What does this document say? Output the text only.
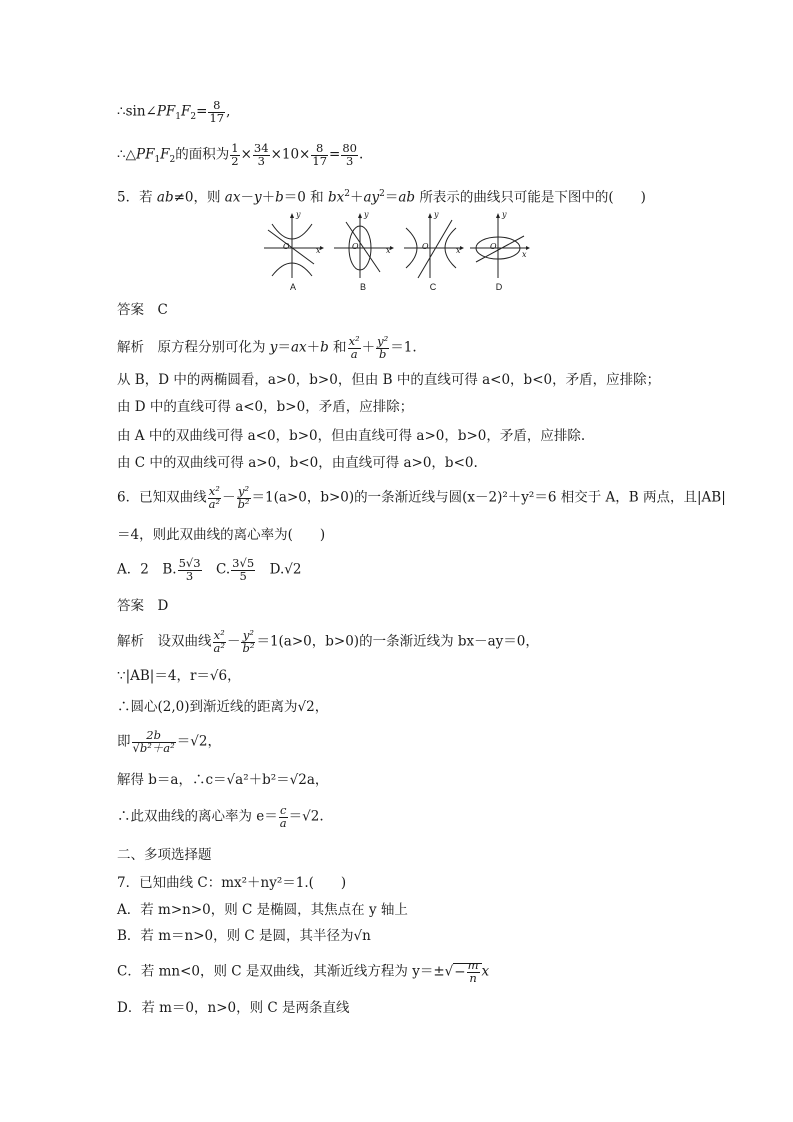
$\therefore\sin\angle PF_1F_2= \frac{8}{17}$ ,
$\therefore\triangle PF_1F_2$的面积为 $\frac{1}{2} \times \frac{34}{3} \times 10\times \frac{8}{17} = \frac{80}{3}$ .
5．若 ab≠0，则 ax－y＋b＝0 和 $bx^2+ay^2=ab$ 所表示的曲线只可能是下图中的(　　)
y
x
O
A
y
x
O
B
y
x
O
C
y
x
O
D
答案　C
解析　原方程分别可化为 y＝ax＋b 和 $\frac{\text{x²}}{a} + \frac{\text{y²}}{b} =1$.
从 B，D 中的两椭圆看，a>0，b>0，但由 B 中的直线可得 a<0，b<0，矛盾，应排除；
由 D 中的直线可得 a<0，b>0，矛盾，应排除；
由 A 中的双曲线可得 a<0，b>0，但由直线可得 a>0，b>0，矛盾，应排除.
由 C 中的双曲线可得 a>0，b<0，由直线可得 a>0，b<0.
6．已知双曲线 $\frac{\text{x²}}{\text{a²}} - \frac{\text{y²}}{\text{b²}} =1(a>0$，b>0)的一条渐近线与圆(x－2)²＋y²＝6 相交于 A，B 两点，且|AB|
＝4，则此双曲线的离心率为(　　)
A．2　B. $\frac{5√3}{3}$ 　C. $\frac{3√5}{5}$ 　D.√2
答案　D
解析　设双曲线 $\frac{\text{x²}}{\text{a²}} - \frac{\text{y²}}{\text{b²}} =1(a>0$，b>0)的一条渐近线为 bx－ay＝0，
∵|AB|＝4，r＝√6，
∴圆心(2,0)到渐近线的距离为√2，
即 $\frac{2b}{\text{√b²＋a²}} =√2$，
解得 b＝a，∴c＝√a²＋b²＝√2a，
∴此双曲线的离心率为 $e= \frac{c}{a} =√2$.
二、多项选择题
7．已知曲线 C：mx²＋ny²＝1.(　　)
A．若 m>n>0，则 C 是椭圆，其焦点在 y 轴上
B．若 m＝n>0，则 C 是圆，其半径为√n
C．若 mn<0，则 C 是双曲线，其渐近线方程为 $y=\pm√- \frac{m}{n}$ x
D．若 m＝0，n>0，则 C 是两条直线
